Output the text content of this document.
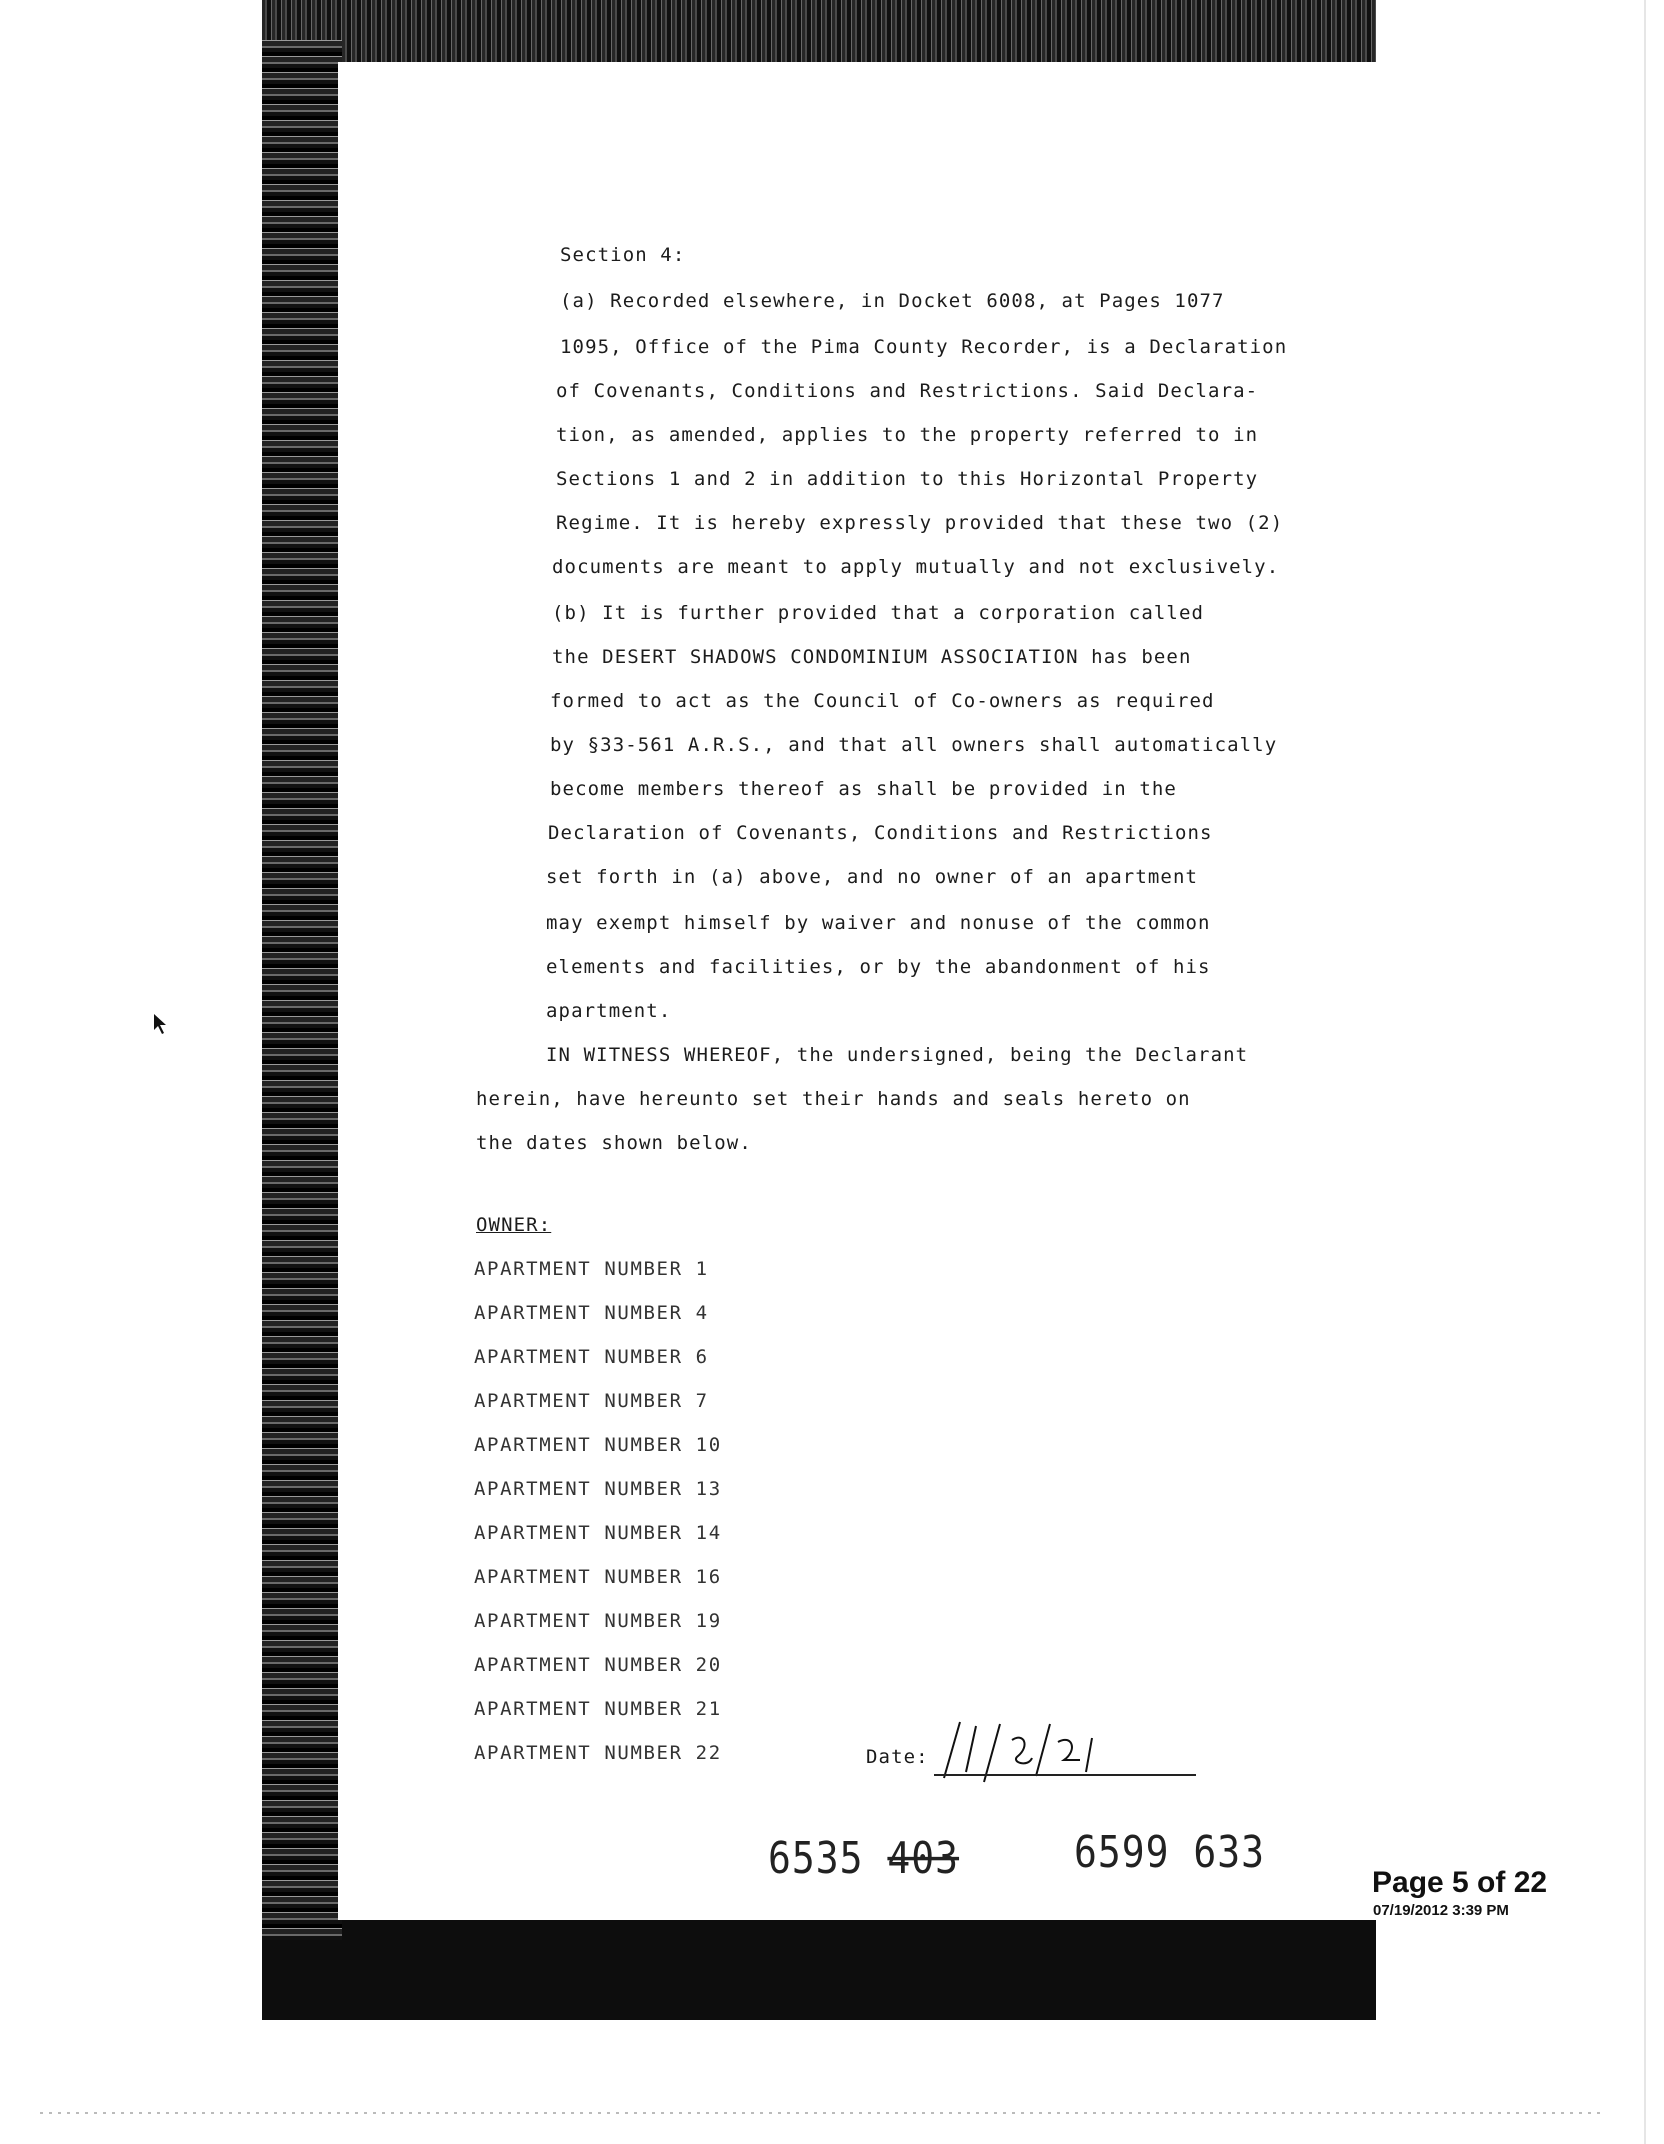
Section 4:

(a) Recorded elsewhere, in Docket 6008, at Pages 1077

1095, Office of the Pima County Recorder, is a Declaration

of Covenants, Conditions and Restrictions. Said Declara-

tion, as amended, applies to the property referred to in

Sections 1 and 2 in addition to this Horizontal Property

Regime. It is hereby expressly provided that these two (2)

documents are meant to apply mutually and not exclusively.

(b) It is further provided that a corporation called

the DESERT SHADOWS CONDOMINIUM ASSOCIATION has been

formed to act as the Council of Co-owners as required

by §33-561 A.R.S., and that all owners shall automatically

become members thereof as shall be provided in the

Declaration of Covenants, Conditions and Restrictions

set forth in (a) above, and no owner of an apartment

may exempt himself by waiver and nonuse of the common

elements and facilities, or by the abandonment of his

apartment.

IN WITNESS WHEREOF, the undersigned, being the Declarant

herein, have hereunto set their hands and seals hereto on

the dates shown below.

OWNER:

APARTMENT NUMBER 1

APARTMENT NUMBER 4

APARTMENT NUMBER 6

APARTMENT NUMBER 7

APARTMENT NUMBER 10

APARTMENT NUMBER 13

APARTMENT NUMBER 14

APARTMENT NUMBER 16

APARTMENT NUMBER 19

APARTMENT NUMBER 20

APARTMENT NUMBER 21

APARTMENT NUMBER 22	Date:
6535 403	6599 633
Page 5 of 22
07/19/2012 3:39 PM
